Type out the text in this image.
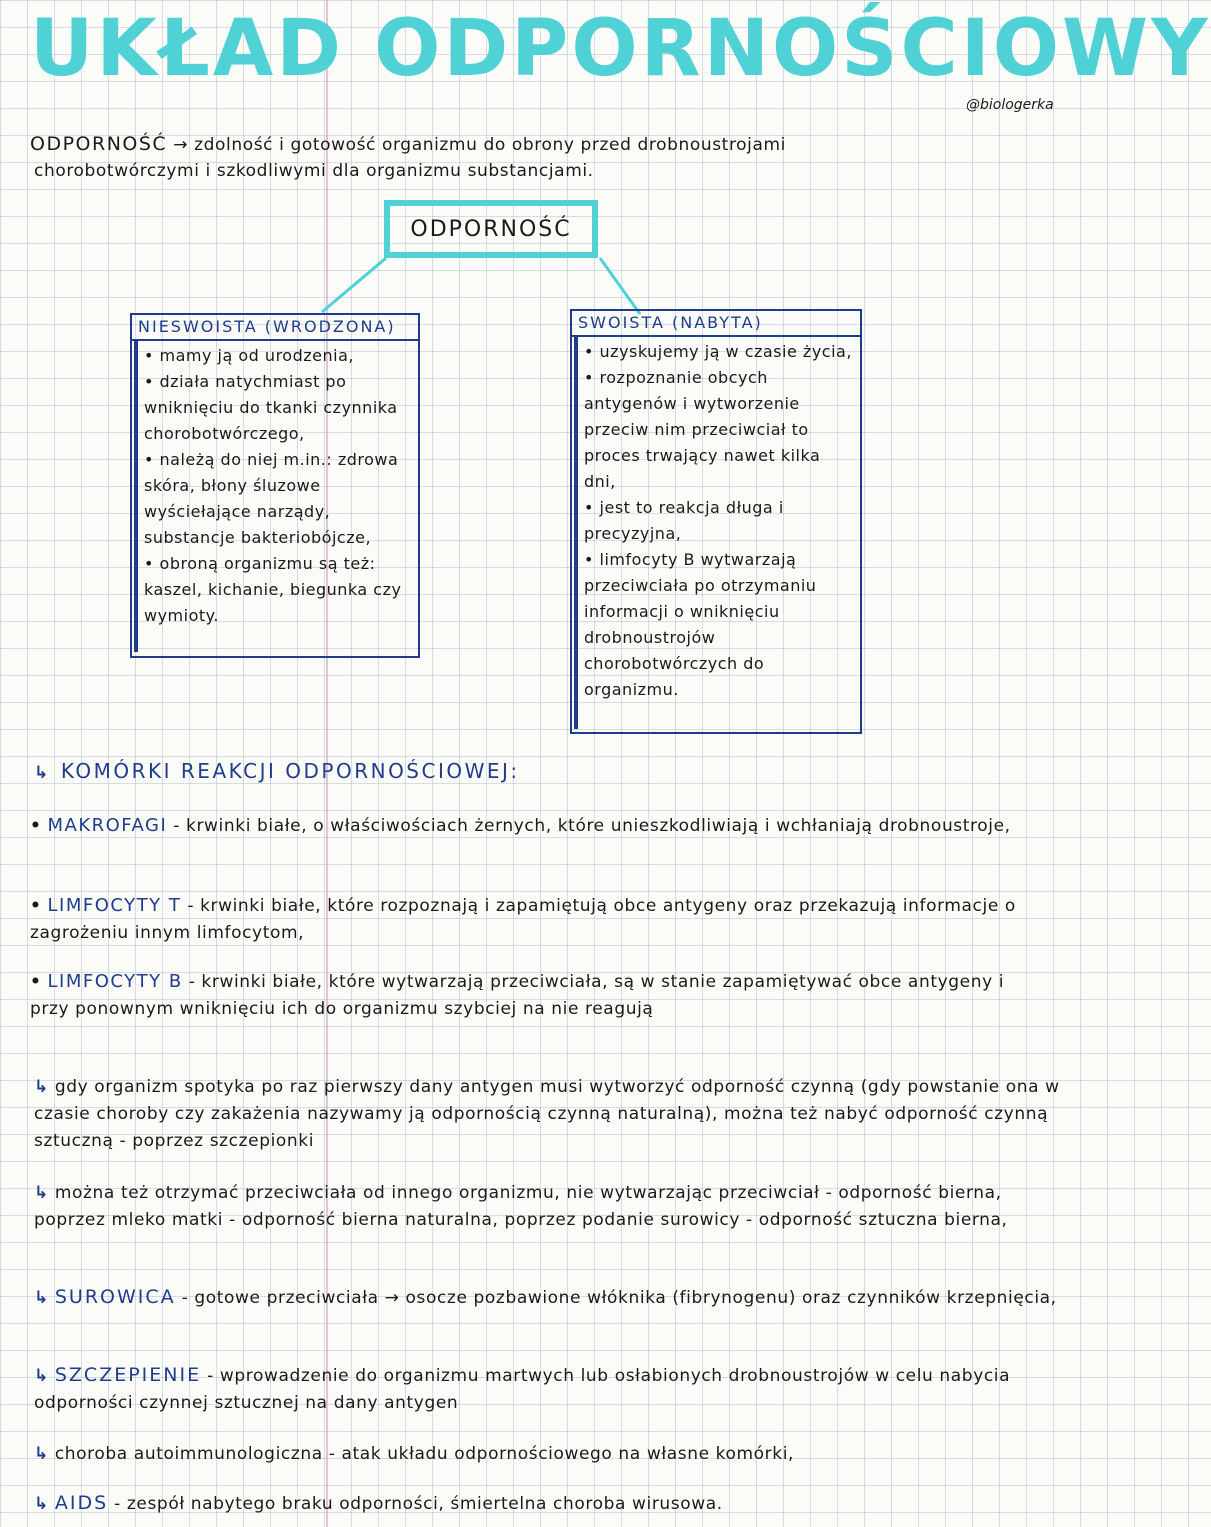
UKŁAD ODPORNOŚCIOWY
@biologerka
ODPORNOŚĆ → zdolność i gotowość organizmu do obrony przed drobnoustrojami
chorobotwórczymi i szkodliwymi dla organizmu substancjami.
ODPORNOŚĆ
NIESWOISTA (WRODZONA)
• mamy ją od urodzenia,
• działa natychmiast po wniknięciu do tkanki czynnika chorobotwórczego,
• należą do niej m.in.: zdrowa skóra, błony śluzowe wyściełające narządy, substancje bakteriobójcze,
• obroną organizmu są też: kaszel, kichanie, biegunka czy wymioty.
SWOISTA (NABYTA)
• uzyskujemy ją w czasie życia,
• rozpoznanie obcych antygenów i wytworzenie przeciw nim przeciwciał to proces trwający nawet kilka dni,
• jest to reakcja długa i precyzyjna,
• limfocyty B wytwarzają przeciwciała po otrzymaniu informacji o wniknięciu drobnoustrojów chorobotwórczych do organizmu.
↳ KOMÓRKI REAKCJI ODPORNOŚCIOWEJ:
• MAKROFAGI - krwinki białe, o właściwościach żernych, które unieszkodliwiają i wchłaniają drobnoustroje,
• LIMFOCYTY T - krwinki białe, które rozpoznają i zapamiętują obce antygeny oraz przekazują informacje o zagrożeniu innym limfocytom,
• LIMFOCYTY B - krwinki białe, które wytwarzają przeciwciała, są w stanie zapamiętywać obce antygeny i przy ponownym wniknięciu ich do organizmu szybciej na nie reagują
↳ gdy organizm spotyka po raz pierwszy dany antygen musi wytworzyć odporność czynną (gdy powstanie ona w czasie choroby czy zakażenia nazywamy ją odpornością czynną naturalną), można też nabyć odporność czynną sztuczną - poprzez szczepionki
↳ można też otrzymać przeciwciała od innego organizmu, nie wytwarzając przeciwciał - odporność bierna, poprzez mleko matki - odporność bierna naturalna, poprzez podanie surowicy - odporność sztuczna bierna,
↳ SUROWICA - gotowe przeciwciała → osocze pozbawione włóknika (fibrynogenu) oraz czynników krzepnięcia,
↳ SZCZEPIENIE - wprowadzenie do organizmu martwych lub osłabionych drobnoustrojów w celu nabycia odporności czynnej sztucznej na dany antygen
↳ choroba autoimmunologiczna - atak układu odpornościowego na własne komórki,
↳ AIDS - zespół nabytego braku odporności, śmiertelna choroba wirusowa.
